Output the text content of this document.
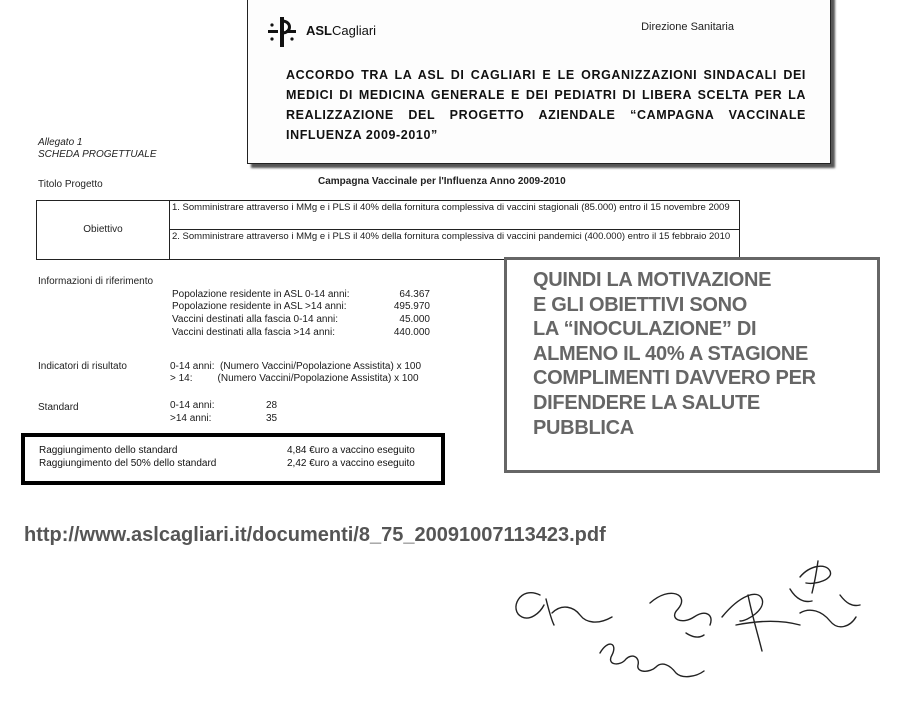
ASLCagliari	Direzione Sanitaria
ACCORDO TRA LA ASL DI CAGLIARI E LE ORGANIZZAZIONI SINDACALI DEI MEDICI DI MEDICINA GENERALE E DEI PEDIATRI DI LIBERA SCELTA PER LA REALIZZAZIONE DEL PROGETTO AZIENDALE “CAMPAGNA VACCINALE INFLUENZA 2009-2010”
Allegato 1
SCHEDA PROGETTUALE
Titolo Progetto	Campagna Vaccinale per l'Influenza Anno 2009-2010
Obiettivo
1. Somministrare attraverso i MMg e i PLS il 40% della fornitura complessiva di vaccini stagionali (85.000) entro il 15 novembre 2009
2. Somministrare attraverso i MMg e i PLS il 40% della fornitura complessiva di vaccini pandemici (400.000) entro il 15 febbraio 2010
Informazioni di riferimento
Popolazione residente in ASL 0-14 anni:	64.367
Popolazione residente in ASL >14 anni:	495.970
Vaccini destinati alla fascia 0-14 anni:	45.000
Vaccini destinati alla fascia >14 anni:	440.000
Indicatori di risultato	0-14 anni:  (Numero Vaccini/Popolazione Assistita) x 100
> 14:         (Numero Vaccini/Popolazione Assistita) x 100
Standard	0-14 anni:	28
>14 anni:	35
Raggiungimento dello standard	4,84 €uro a vaccino eseguito
Raggiungimento del 50% dello standard	2,42 €uro a vaccino eseguito
QUINDI LA MOTIVAZIONE
E GLI OBIETTIVI SONO
LA “INOCULAZIONE” DI
ALMENO IL 40% A STAGIONE
COMPLIMENTI DAVVERO PER
DIFENDERE LA SALUTE
PUBBLICA
http://www.aslcagliari.it/documenti/8_75_20091007113423.pdf
